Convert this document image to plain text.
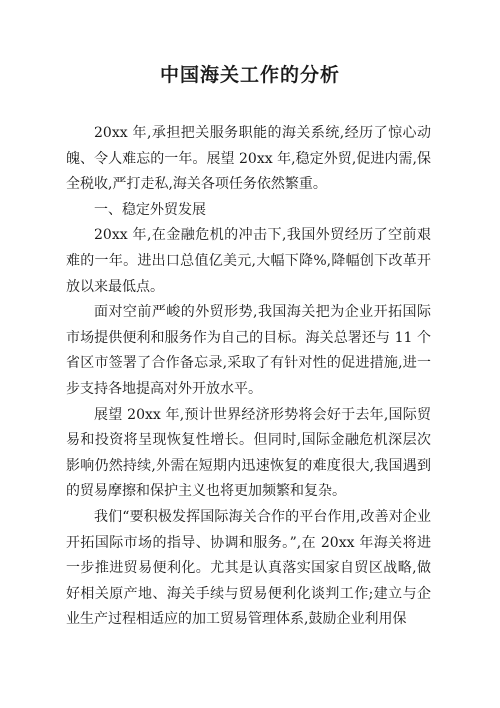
中国海关工作的分析

20xx 年,承担把关服务职能的海关系统,经历了惊心动魄、令人难忘的一年。展望 20xx 年,稳定外贸,促进内需,保全税收,严打走私,海关各项任务依然繁重。

一、稳定外贸发展

20xx 年,在金融危机的冲击下,我国外贸经历了空前艰难的一年。进出口总值亿美元,大幅下降%,降幅创下改革开放以来最低点。

面对空前严峻的外贸形势,我国海关把为企业开拓国际市场提供便利和服务作为自己的目标。海关总署还与 11 个省区市签署了合作备忘录,采取了有针对性的促进措施,进一步支持各地提高对外开放水平。

展望 20xx 年,预计世界经济形势将会好于去年,国际贸易和投资将呈现恢复性增长。但同时,国际金融危机深层次影响仍然持续,外需在短期内迅速恢复的难度很大,我国遇到的贸易摩擦和保护主义也将更加频繁和复杂。

我们“要积极发挥国际海关合作的平台作用,改善对企业开拓国际市场的指导、协调和服务。”,在 20xx 年海关将进一步推进贸易便利化。尤其是认真落实国家自贸区战略,做好相关原产地、海关手续与贸易便利化谈判工作;建立与企业生产过程相适应的加工贸易管理体系,鼓励企业利用保
